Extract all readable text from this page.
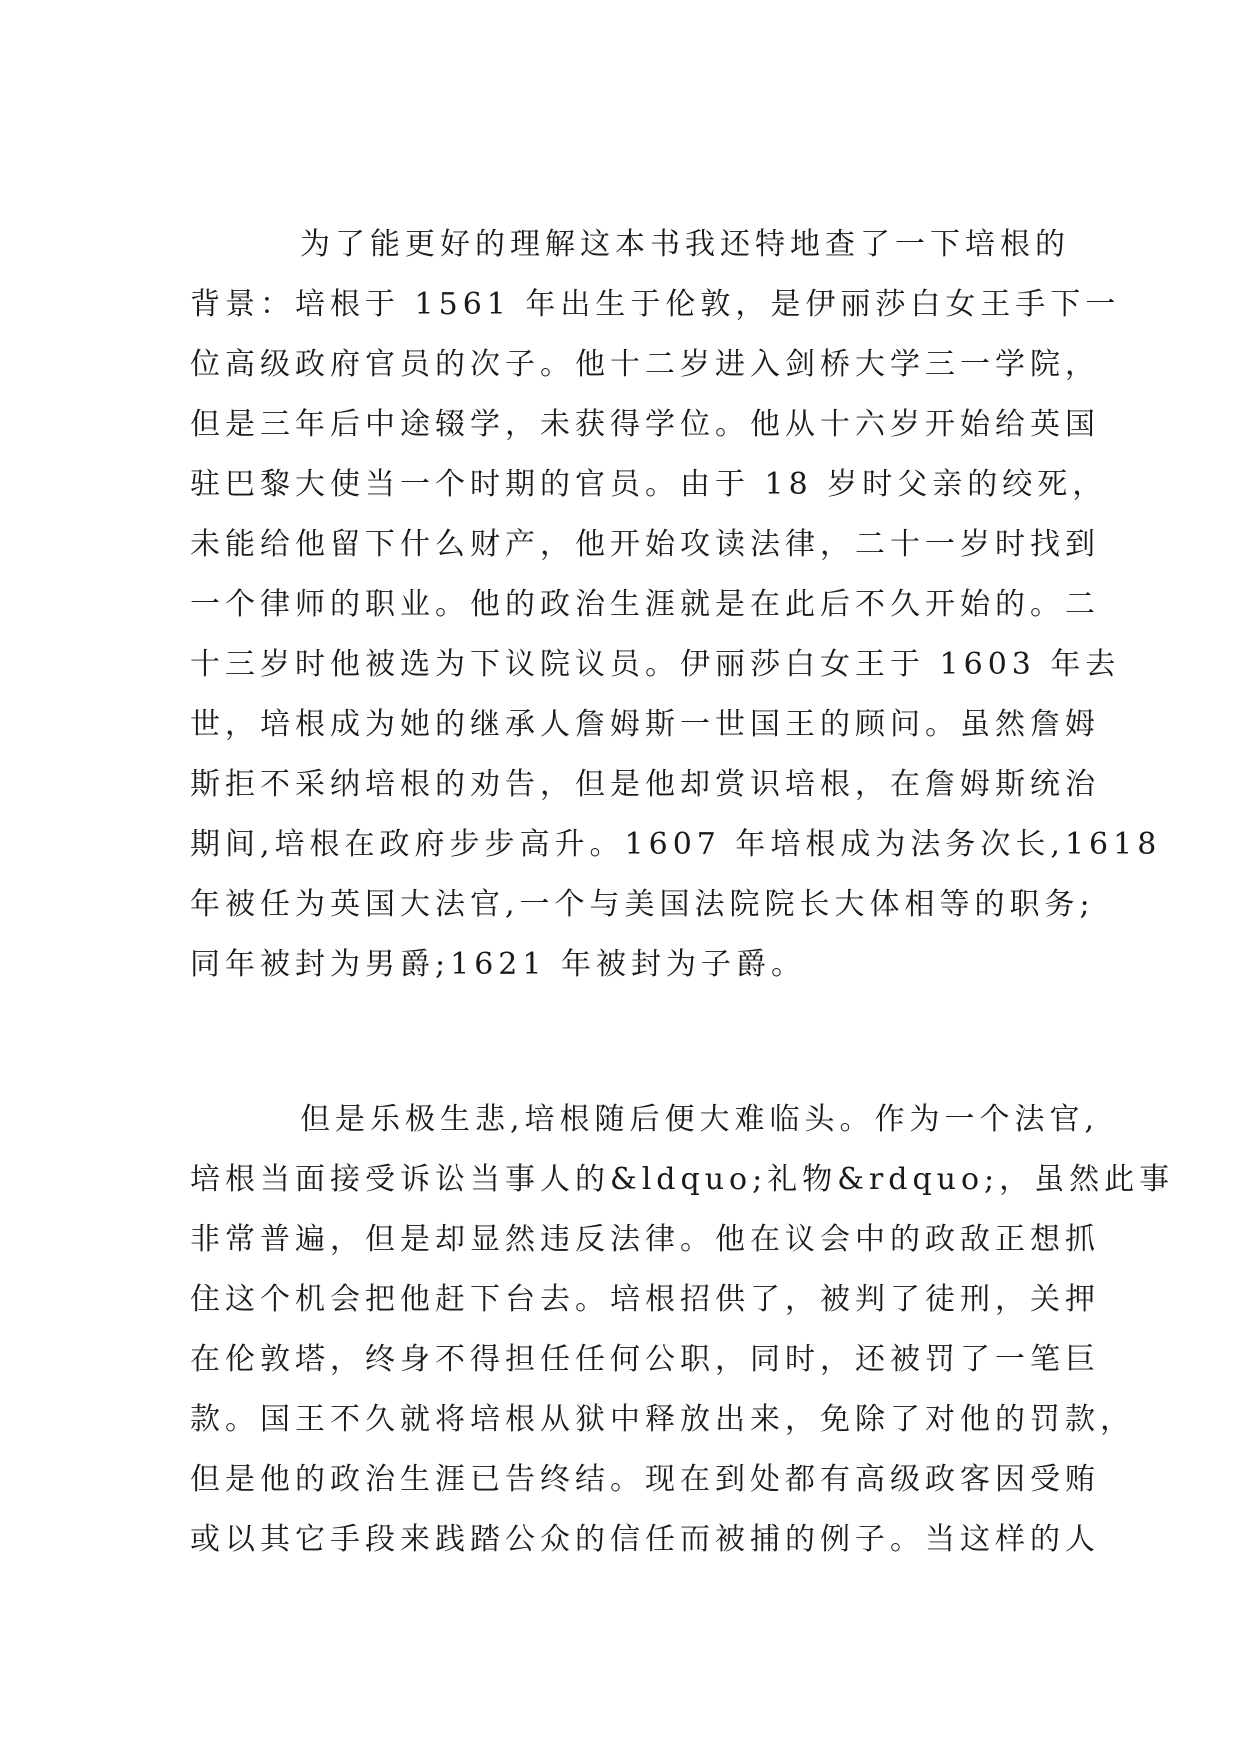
为了能更好的理解这本书我还特地查了一下培根的
背景：培根于 1561 年出生于伦敦，是伊丽莎白女王手下一
位高级政府官员的次子。他十二岁进入剑桥大学三一学院，
但是三年后中途辍学，未获得学位。他从十六岁开始给英国
驻巴黎大使当一个时期的官员。由于 18 岁时父亲的绞死，
未能给他留下什么财产，他开始攻读法律，二十一岁时找到
一个律师的职业。他的政治生涯就是在此后不久开始的。二
十三岁时他被选为下议院议员。伊丽莎白女王于 1603 年去
世，培根成为她的继承人詹姆斯一世国王的顾问。虽然詹姆
斯拒不采纳培根的劝告，但是他却赏识培根，在詹姆斯统治
期间,培根在政府步步高升。1607 年培根成为法务次长,1618
年被任为英国大法官,一个与美国法院院长大体相等的职务;
同年被封为男爵;1621 年被封为子爵。
但是乐极生悲,培根随后便大难临头。作为一个法官,
培根当面接受诉讼当事人的&ldquo;礼物&rdquo;，虽然此事
非常普遍，但是却显然违反法律。他在议会中的政敌正想抓
住这个机会把他赶下台去。培根招供了，被判了徒刑，关押
在伦敦塔，终身不得担任任何公职，同时，还被罚了一笔巨
款。国王不久就将培根从狱中释放出来，免除了对他的罚款，
但是他的政治生涯已告终结。现在到处都有高级政客因受贿
或以其它手段来践踏公众的信任而被捕的例子。当这样的人
